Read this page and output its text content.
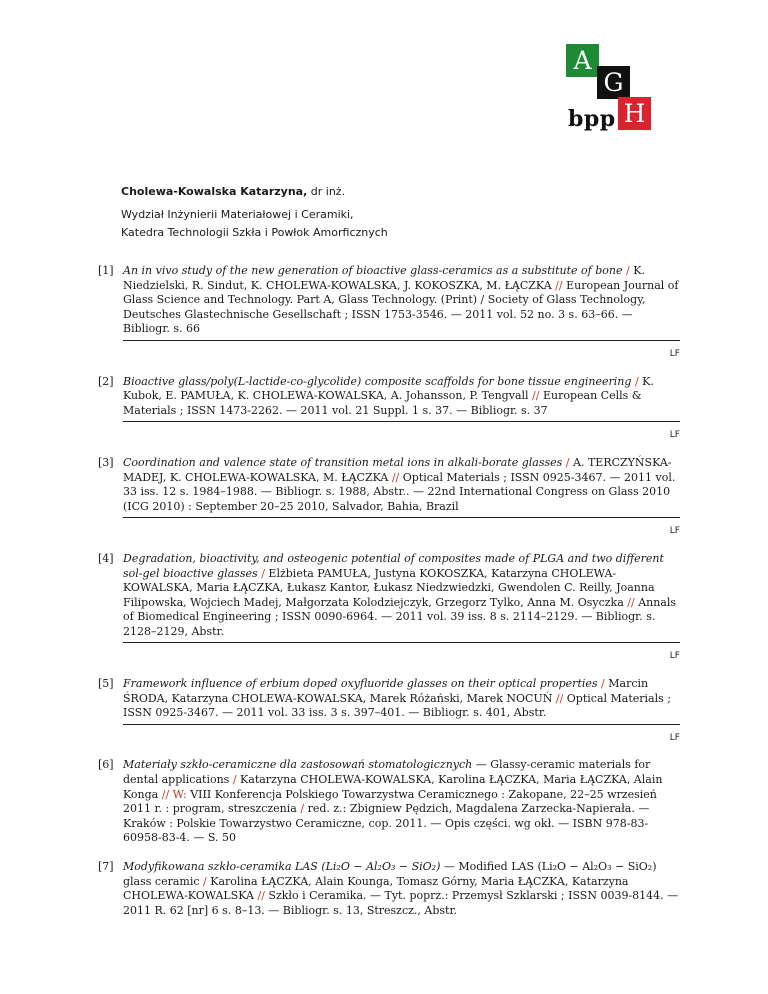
A
G
bpp H
Cholewa-Kowalska Katarzyna, dr inż.
Wydział Inżynierii Materiałowej i Ceramiki,
Katedra Technologii Szkła i Powłok Amorficznych
[1] An in vivo study of the new generation of bioactive glass-ceramics as a substitute of bone / K. Niedzielski, R. Sindut, K. CHOLEWA-KOWALSKA, J. KOKOSZKA, M. ŁĄCZKA // European Journal of Glass Science and Technology. Part A, Glass Technology. (Print) / Society of Glass Technology, Deutsches Glastechnische Gesellschaft ; ISSN 1753-3546. — 2011 vol. 52 no. 3 s. 63–66. — Bibliogr. s. 66
LF
[2] Bioactive glass/poly(L-lactide-co-glycolide) composite scaffolds for bone tissue engineering / K. Kubok, E. PAMUŁA, K. CHOLEWA-KOWALSKA, A. Johansson, P. Tengvall // European Cells & Materials ; ISSN 1473-2262. — 2011 vol. 21 Suppl. 1 s. 37. — Bibliogr. s. 37
LF
[3] Coordination and valence state of transition metal ions in alkali-borate glasses / A. TERCZYŃSKA-MADEJ, K. CHOLEWA-KOWALSKA, M. ŁĄCZKA // Optical Materials ; ISSN 0925-3467. — 2011 vol. 33 iss. 12 s. 1984–1988. — Bibliogr. s. 1988, Abstr.. — 22nd International Congress on Glass 2010 (ICG 2010) : September 20–25 2010, Salvador, Bahia, Brazil
LF
[4] Degradation, bioactivity, and osteogenic potential of composites made of PLGA and two different sol-gel bioactive glasses / Elżbieta PAMUŁA, Justyna KOKOSZKA, Katarzyna CHOLEWA-KOWALSKA, Maria ŁĄCZKA, Łukasz Kantor, Łukasz Niedzwiedzki, Gwendolen C. Reilly, Joanna Filipowska, Wojciech Madej, Małgorzata Kolodziejczyk, Grzegorz Tylko, Anna M. Osyczka // Annals of Biomedical Engineering ; ISSN 0090-6964. — 2011 vol. 39 iss. 8 s. 2114–2129. — Bibliogr. s. 2128–2129, Abstr.
LF
[5] Framework influence of erbium doped oxyfluoride glasses on their optical properties / Marcin ŚRODA, Katarzyna CHOLEWA-KOWALSKA, Marek Różański, Marek NOCUŃ // Optical Materials ; ISSN 0925-3467. — 2011 vol. 33 iss. 3 s. 397–401. — Bibliogr. s. 401, Abstr.
LF
[6] Materiały szkło-ceramiczne dla zastosowań stomatologicznych — Glassy-ceramic materials for dental applications / Katarzyna CHOLEWA-KOWALSKA, Karolina ŁĄCZKA, Maria ŁĄCZKA, Alain Konga // W: VIII Konferencja Polskiego Towarzystwa Ceramicznego : Zakopane, 22–25 wrzesień 2011 r. : program, streszczenia / red. z.: Zbigniew Pędzich, Magdalena Zarzecka-Napierała. — Kraków : Polskie Towarzystwo Ceramiczne, cop. 2011. — Opis części. wg okł. — ISBN 978-83-60958-83-4. — S. 50
[7] Modyfikowana szkło-ceramika LAS (Li₂O − Al₂O₃ − SiO₂) — Modified LAS (Li₂O − Al₂O₃ − SiO₂) glass ceramic / Karolina ŁĄCZKA, Alain Kounga, Tomasz Górny, Maria ŁĄCZKA, Katarzyna CHOLEWA-KOWALSKA // Szkło i Ceramika. — Tyt. poprz.: Przemysł Szklarski ; ISSN 0039-8144. — 2011 R. 62 [nr] 6 s. 8–13. — Bibliogr. s. 13, Streszcz., Abstr.
